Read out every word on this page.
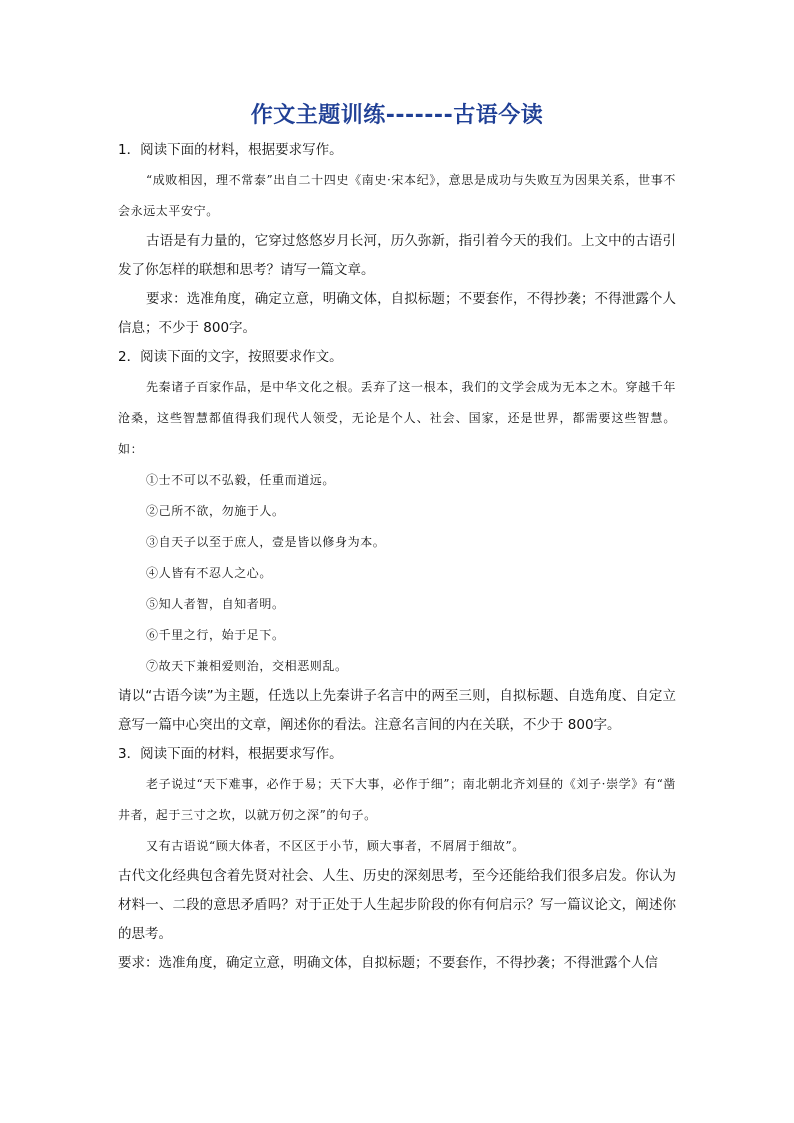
作文主题训练-------古语今读

1．阅读下面的材料，根据要求写作。

“成败相因，理不常泰”出自二十四史《南史·宋本纪》，意思是成功与失败互为因果关系，世事不会永远太平安宁。

古语是有力量的，它穿过悠悠岁月长河，历久弥新，指引着今天的我们。上文中的古语引发了你怎样的联想和思考？请写一篇文章。

要求：选准角度，确定立意，明确文体，自拟标题；不要套作，不得抄袭；不得泄露个人信息；不少于 800字。

2．阅读下面的文字，按照要求作文。

先秦诸子百家作品，是中华文化之根。丢弃了这一根本，我们的文学会成为无本之木。穿越千年沧桑，这些智慧都值得我们现代人领受，无论是个人、社会、国家，还是世界，都需要这些智慧。如：

①士不可以不弘毅，任重而道远。

②己所不欲，勿施于人。

③自天子以至于庶人，壹是皆以修身为本。

④人皆有不忍人之心。

⑤知人者智，自知者明。

⑥千里之行，始于足下。

⑦故天下兼相爱则治，交相恶则乱。

请以“古语今读”为主题，任选以上先秦讲子名言中的两至三则，自拟标题、自选角度、自定立意写一篇中心突出的文章，阐述你的看法。注意名言间的内在关联，不少于 800字。

3．阅读下面的材料，根据要求写作。

老子说过“天下难事，必作于易；天下大事，必作于细”；南北朝北齐刘昼的《刘子·崇学》有“凿井者，起于三寸之坎，以就万仞之深”的句子。

又有古语说“顾大体者，不区区于小节，顾大事者，不屑屑于细故”。

古代文化经典包含着先贤对社会、人生、历史的深刻思考，至今还能给我们很多启发。你认为材料一、二段的意思矛盾吗？对于正处于人生起步阶段的你有何启示？写一篇议论文，阐述你的思考。

要求：选准角度，确定立意，明确文体，自拟标题；不要套作，不得抄袭；不得泄露个人信
